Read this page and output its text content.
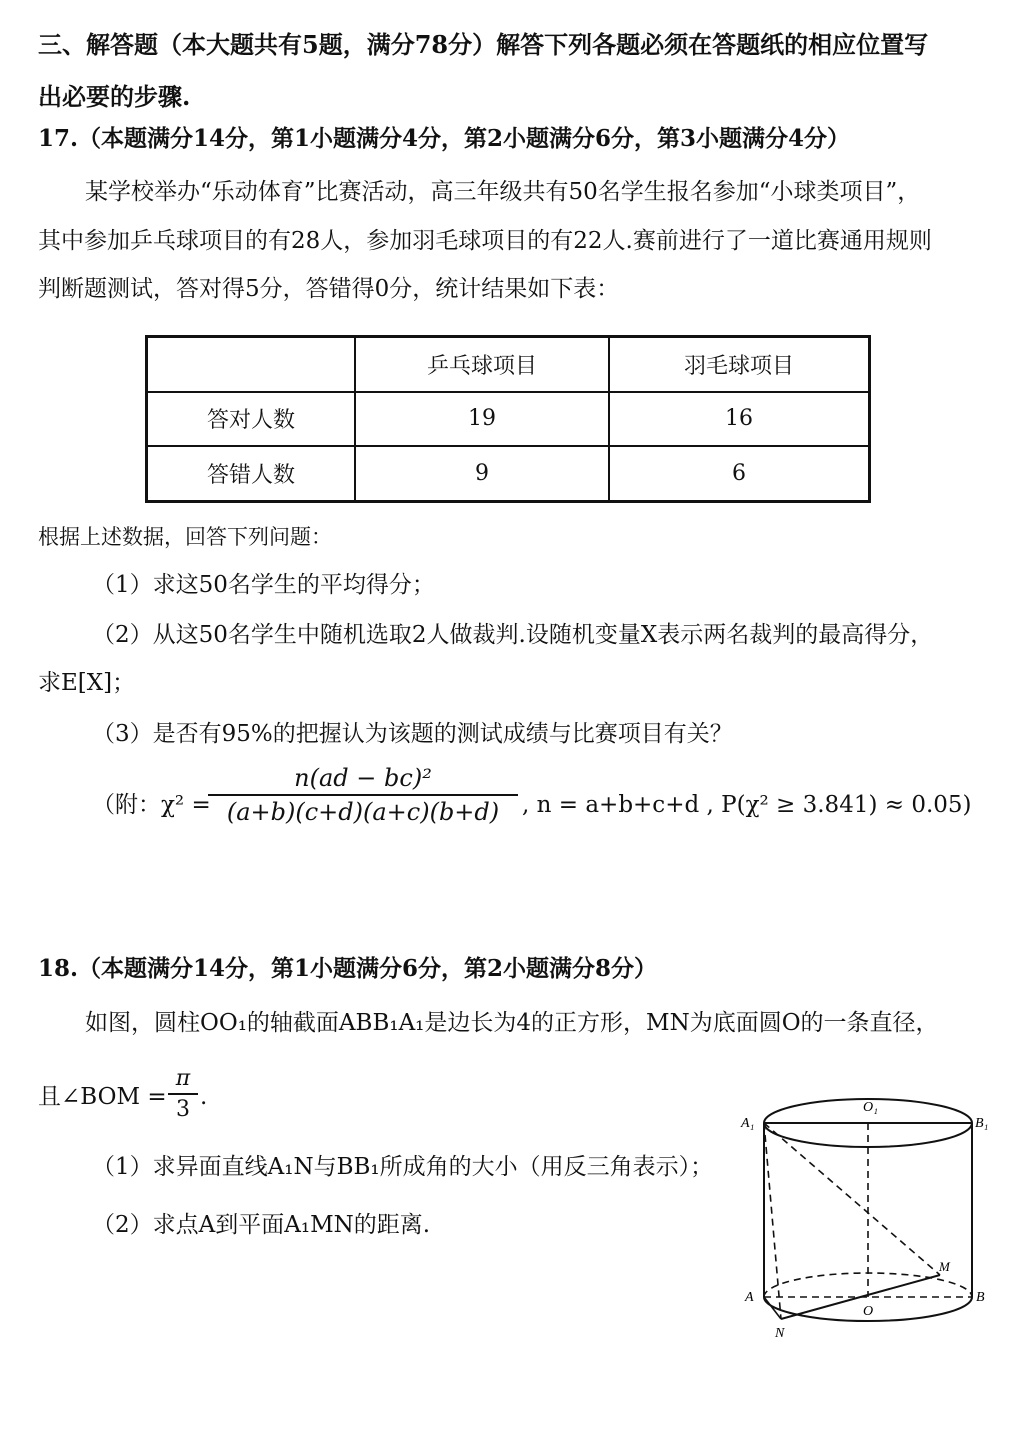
三、解答题（本大题共有5题，满分78分）解答下列各题必须在答题纸的相应位置写
出必要的步骤.
17.（本题满分14分，第1小题满分4分，第2小题满分6分，第3小题满分4分）
某学校举办“乐动体育”比赛活动，高三年级共有50名学生报名参加“小球类项目”，
其中参加乒乓球项目的有28人，参加羽毛球项目的有22人.赛前进行了一道比赛通用规则
判断题测试，答对得5分，答错得0分，统计结果如下表：
	乒乓球项目	羽毛球项目
答对人数	19	16
答错人数	9	6
根据上述数据，回答下列问题：
（1）求这50名学生的平均得分；
（2）从这50名学生中随机选取2人做裁判.设随机变量X表示两名裁判的最高得分，
求E[X]；
（3）是否有95%的把握认为该题的测试成绩与比赛项目有关？
（附：χ² =
n(ad − bc)²
(a+b)(c+d)(a+c)(b+d) , n = a+b+c+d , P(χ² ≥ 3.841) ≈ 0.05)
18.（本题满分14分，第1小题满分6分，第2小题满分8分）
如图，圆柱OO₁的轴截面ABB₁A₁是边长为4的正方形，MN为底面圆O的一条直径，
且∠BOM =
π
3 .
（1）求异面直线A₁N与BB₁所成角的大小（用反三角表示）；
（2）求点A到平面A₁MN的距离.
A₁
O₁
B₁
A
O
B
M
N
